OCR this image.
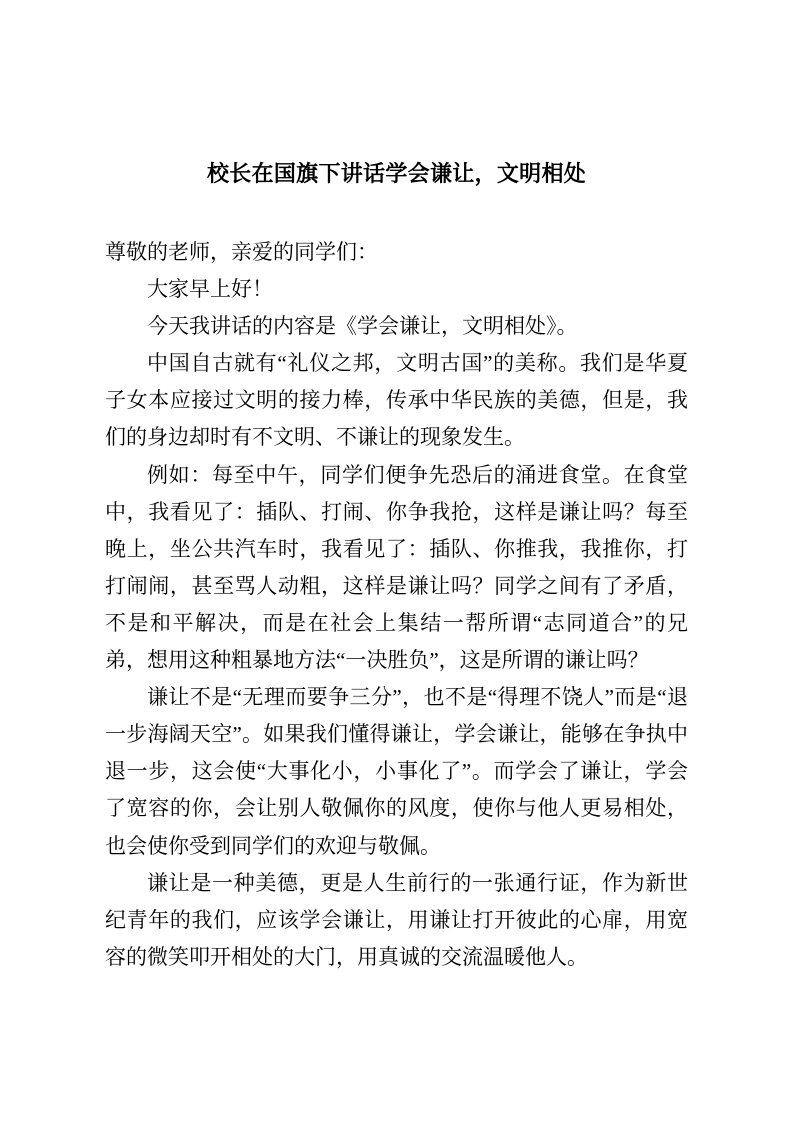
校长在国旗下讲话学会谦让，文明相处

尊敬的老师，亲爱的同学们：

大家早上好！

今天我讲话的内容是《学会谦让，文明相处》。

中国自古就有“礼仪之邦，文明古国”的美称。我们是华夏子女本应接过文明的接力棒，传承中华民族的美德，但是，我们的身边却时有不文明、不谦让的现象发生。

例如：每至中午，同学们便争先恐后的涌进食堂。在食堂中，我看见了：插队、打闹、你争我抢，这样是谦让吗？每至晚上，坐公共汽车时，我看见了：插队、你推我，我推你，打打闹闹，甚至骂人动粗，这样是谦让吗？同学之间有了矛盾，不是和平解决，而是在社会上集结一帮所谓“志同道合”的兄弟，想用这种粗暴地方法“一决胜负”，这是所谓的谦让吗？

谦让不是“无理而要争三分”，也不是“得理不饶人”而是“退一步海阔天空”。如果我们懂得谦让，学会谦让，能够在争执中退一步，这会使“大事化小，小事化了”。而学会了谦让，学会了宽容的你，会让别人敬佩你的风度，使你与他人更易相处，也会使你受到同学们的欢迎与敬佩。

谦让是一种美德，更是人生前行的一张通行证，作为新世纪青年的我们，应该学会谦让，用谦让打开彼此的心扉，用宽容的微笑叩开相处的大门，用真诚的交流温暖他人。
